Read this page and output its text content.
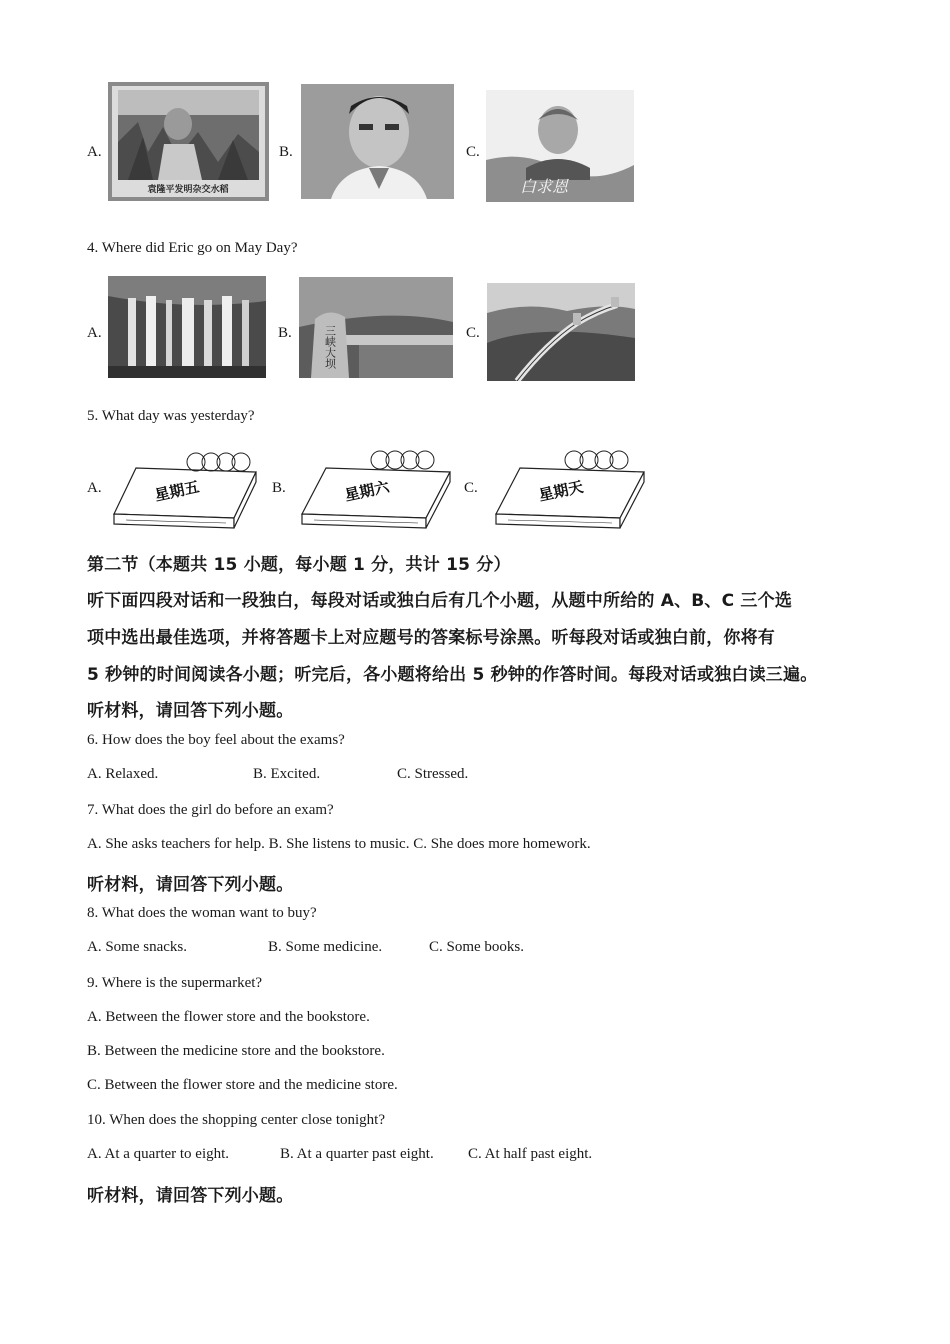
A.
袁隆平发明杂交水稻
B.	C.
白求恩
4. Where did Eric go on May Day?
A.	B.	三峡大坝	C.
5. What day was yesterday?
A.	星期五	B.	星期六	C.	星期天
第二节（本题共 15 小题，每小题 1 分，共计 15 分）
听下面四段对话和一段独白，每段对话或独白后有几个小题，从题中所给的 A、B、C 三个选
项中选出最佳选项，并将答题卡上对应题号的答案标号涂黑。听每段对话或独白前，你将有
5 秒钟的时间阅读各小题；听完后，各小题将给出 5 秒钟的作答时间。每段对话或独白读三遍。
听材料，请回答下列小题。
6. How does the boy feel about the exams?
A. Relaxed.	B. Excited.	C. Stressed.
7. What does the girl do before an exam?
A. She asks teachers for help. B. She listens to music. C. She does more homework.
听材料，请回答下列小题。
8. What does the woman want to buy?
A. Some snacks.	B. Some medicine.	C. Some books.
9. Where is the supermarket?
A. Between the flower store and the bookstore.
B. Between the medicine store and the bookstore.
C. Between the flower store and the medicine store.
10. When does the shopping center close tonight?
A. At a quarter to eight.	B. At a quarter past eight. C. At half past eight.
听材料，请回答下列小题。
